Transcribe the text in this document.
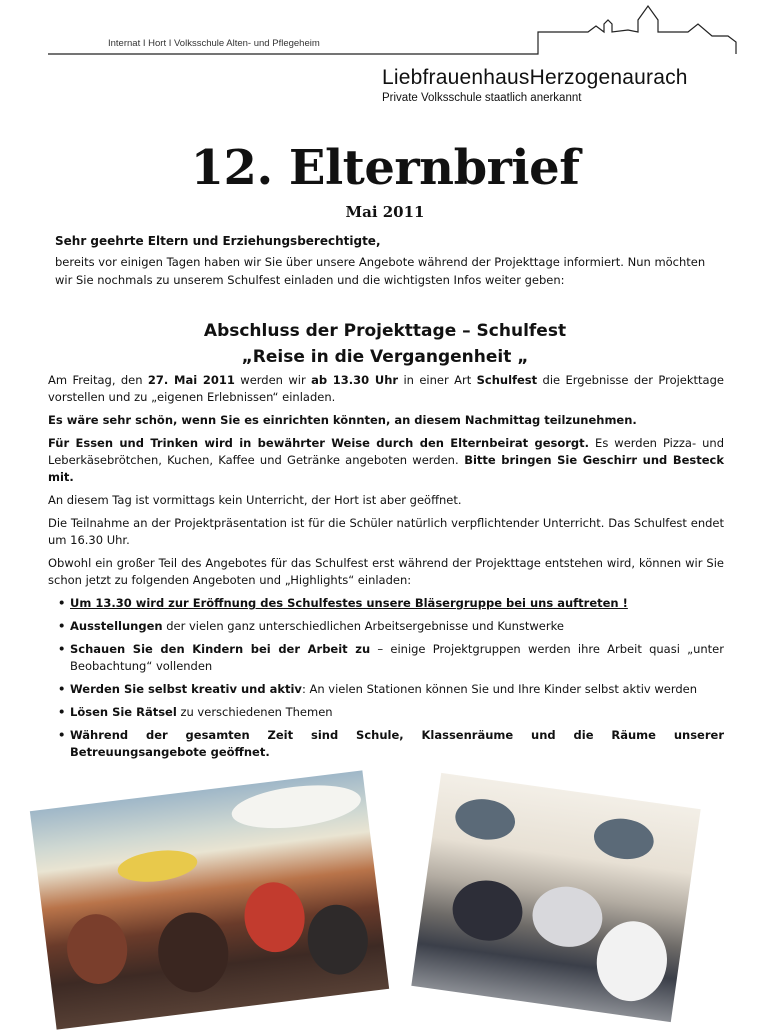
Internat I Hort I Volksschule Alten- und Pflegeheim
LiebfrauenhausHerzogenaurach
Private Volksschule staatlich anerkannt
12. Elternbrief
Mai 2011
Sehr geehrte Eltern und Erziehungsberechtigte,
bereits vor einigen Tagen haben wir Sie über unsere Angebote während der Projekttage informiert. Nun möchten wir Sie nochmals zu unserem Schulfest einladen und die wichtigsten Infos weiter geben:
Abschluss der Projekttage – Schulfest
„Reise in die Vergangenheit „

Am Freitag, den 27. Mai 2011 werden wir ab 13.30 Uhr in einer Art Schulfest die Ergebnisse der Projekttage vorstellen und zu „eigenen Erlebnissen“ einladen.

Es wäre sehr schön, wenn Sie es einrichten könnten, an diesem Nachmittag teilzunehmen.

Für Essen und Trinken wird in bewährter Weise durch den Elternbeirat gesorgt. Es werden Pizza- und Leberkäsebrötchen, Kuchen, Kaffee und Getränke angeboten werden. Bitte bringen Sie Geschirr und Besteck mit.

An diesem Tag ist vormittags kein Unterricht, der Hort ist aber geöffnet.

Die Teilnahme an der Projektpräsentation ist für die Schüler natürlich verpflichtender Unterricht. Das Schulfest endet um 16.30 Uhr.

Obwohl ein großer Teil des Angebotes für das Schulfest erst während der Projekttage entstehen wird, können wir Sie schon jetzt zu folgenden Angeboten und „Highlights“ einladen:

• Um 13.30 wird zur Eröffnung des Schulfestes unsere Bläsergruppe bei uns auftreten !
• Ausstellungen der vielen ganz unterschiedlichen Arbeitsergebnisse und Kunstwerke
• Schauen Sie den Kindern bei der Arbeit zu – einige Projektgruppen werden ihre Arbeit quasi „unter Beobachtung“ vollenden
• Werden Sie selbst kreativ und aktiv: An vielen Stationen können Sie und Ihre Kinder selbst aktiv werden
• Lösen Sie Rätsel zu verschiedenen Themen
• Während der gesamten Zeit sind Schule, Klassenräume und die Räume unserer Betreuungsangebote geöffnet.
